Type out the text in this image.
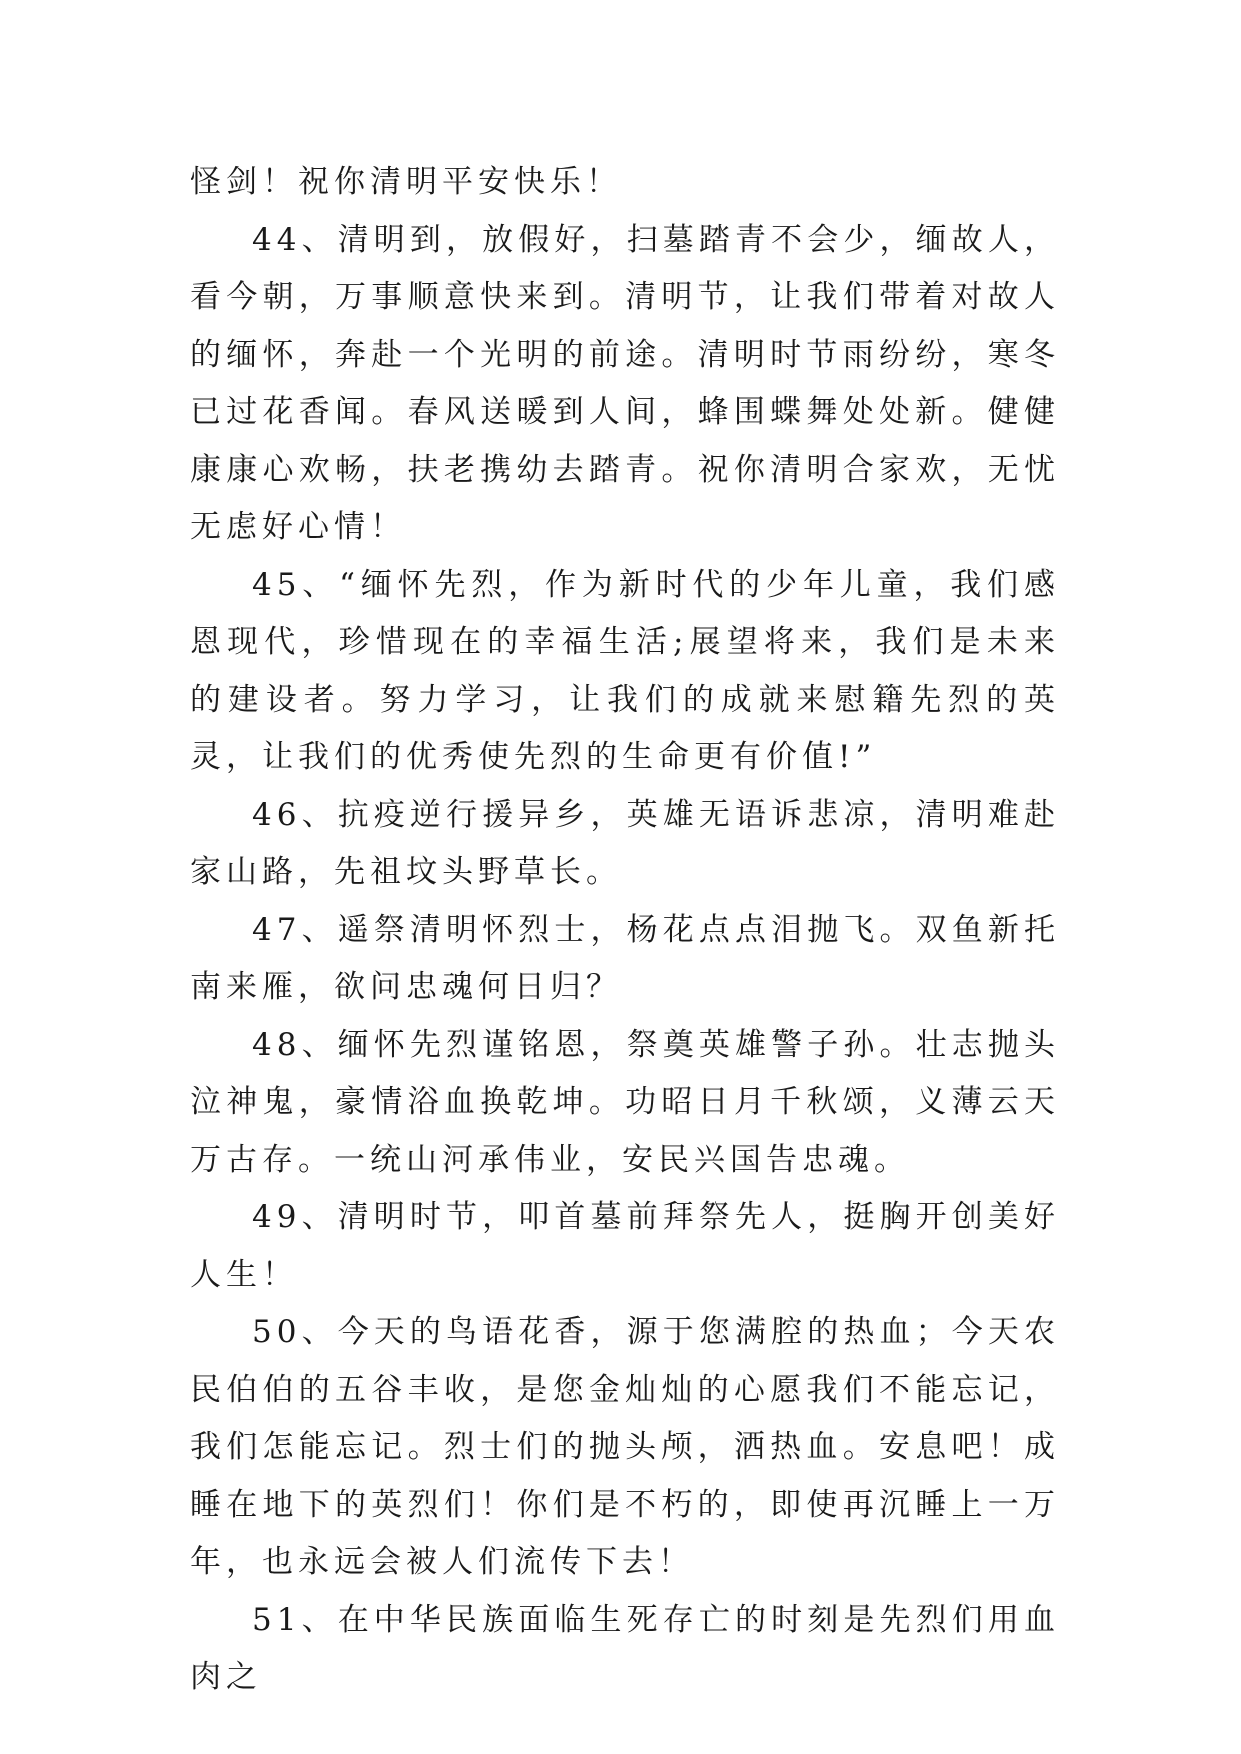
怪剑！祝你清明平安快乐！

44、清明到，放假好，扫墓踏青不会少，缅故人，看今朝，万事顺意快来到。清明节，让我们带着对故人的缅怀，奔赴一个光明的前途。清明时节雨纷纷，寒冬已过花香闻。春风送暖到人间，蜂围蝶舞处处新。健健康康心欢畅，扶老携幼去踏青。祝你清明合家欢，无忧无虑好心情！

45、“缅怀先烈，作为新时代的少年儿童，我们感恩现代，珍惜现在的幸福生活;展望将来，我们是未来的建设者。努力学习，让我们的成就来慰籍先烈的英灵，让我们的优秀使先烈的生命更有价值!”

46、抗疫逆行援异乡，英雄无语诉悲凉，清明难赴家山路，先祖坟头野草长。

47、遥祭清明怀烈士，杨花点点泪抛飞。双鱼新托南来雁，欲问忠魂何日归？

48、缅怀先烈谨铭恩，祭奠英雄警子孙。壮志抛头泣神鬼，豪情浴血换乾坤。功昭日月千秋颂，义薄云天万古存。一统山河承伟业，安民兴国告忠魂。

49、清明时节，叩首墓前拜祭先人，挺胸开创美好人生！

50、今天的鸟语花香，源于您满腔的热血；今天农民伯伯的五谷丰收，是您金灿灿的心愿我们不能忘记，我们怎能忘记。烈士们的抛头颅，洒热血。安息吧！成睡在地下的英烈们！你们是不朽的，即使再沉睡上一万年，也永远会被人们流传下去！

51、在中华民族面临生死存亡的时刻是先烈们用血肉之
